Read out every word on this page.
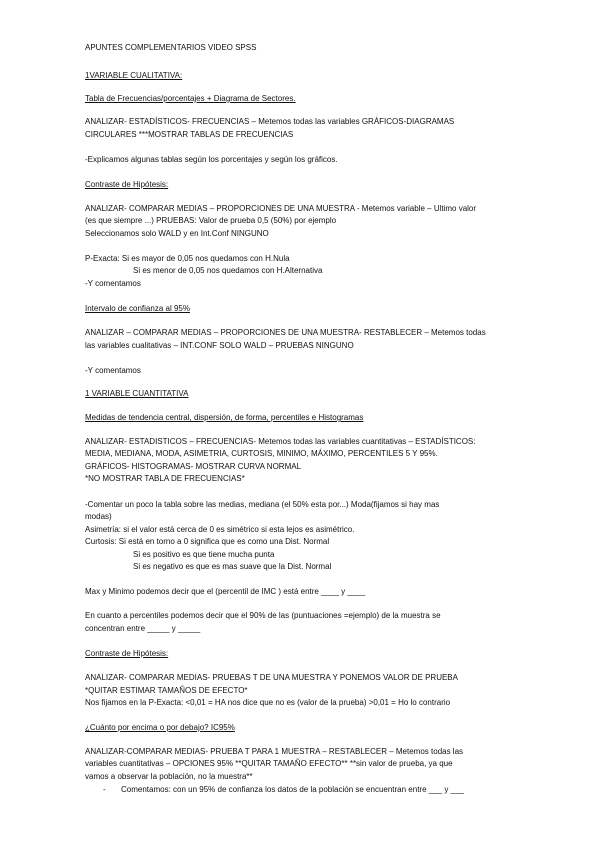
APUNTES COMPLEMENTARIOS VIDEO SPSS
1VARIABLE CUALITATIVA:
Tabla de Frecuencias/porcentajes + Diagrama de Sectores.
ANALIZAR- ESTADÍSTICOS- FRECUENCIAS – Metemos todas las variables GRÁFICOS-DIAGRAMAS
CIRCULARES ***MOSTRAR TABLAS DE FRECUENCIAS
-Explicamos algunas tablas según los porcentajes y según los gráficos.
Contraste de Hipótesis:
ANALIZAR- COMPARAR MEDIAS – PROPORCIONES DE UNA MUESTRA - Metemos variable – Ultimo valor
(es que siempre ...) PRUEBAS: Valor de prueba 0,5 (50%) por ejemplo
Seleccionamos solo WALD y en Int.Conf NINGUNO
P-Exacta: Si es mayor de 0,05 nos quedamos con H.Nula
Si es menor de 0,05 nos quedamos con H.Alternativa
-Y comentamos
Intervalo de confianza al 95%
ANALIZAR – COMPARAR MEDIAS – PROPORCIONES DE UNA MUESTRA- RESTABLECER – Metemos todas
las variables cualitativas – INT.CONF SOLO WALD – PRUEBAS NINGUNO
-Y comentamos
1 VARIABLE CUANTITATIVA
Medidas de tendencia central, dispersión, de forma, percentiles e Histogramas
ANALIZAR- ESTADISTICOS – FRECUENCIAS- Metemos todas las variables cuantitativas – ESTADÍSTICOS:
MEDIA, MEDIANA, MODA, ASIMETRIA, CURTOSIS, MINIMO, MÁXIMO, PERCENTILES 5 Y 95%.
GRÁFICOS- HISTOGRAMAS- MOSTRAR CURVA NORMAL
*NO MOSTRAR TABLA DE FRECUENCIAS*
-Comentar un poco la tabla sobre las medias, mediana (el 50% esta por...) Moda(fijamos si hay mas
modas)
Asimetría: si el valor está cerca de 0 es simétrico si esta lejos es asimétrico.
Curtosis: Si está en torno a 0 significa que es como una Dist. Normal
Si es positivo es que tiene mucha punta
Si es negativo es que es mas suave que la Dist. Normal
Max y Minimo podemos decir que el (percentil de IMC ) está entre ____ y ____
En cuanto a percentiles podemos decir que el 90% de las (puntuaciones =ejemplo) de la muestra se
concentran entre _____ y _____
Contraste de Hipótesis:
ANALIZAR- COMPARAR MEDIAS- PRUEBAS T DE UNA MUESTRA Y PONEMOS VALOR DE PRUEBA
*QUITAR ESTIMAR TAMAÑOS DE EFECTO*
Nos fijamos en la P-Exacta: <0,01 = HA nos dice que no es (valor de la prueba) >0,01 = Ho lo contrario
¿Cuánto por encima o por debajo? IC95%
ANALIZAR-COMPARAR MEDIAS- PRUEBA T PARA 1 MUESTRA – RESTABLECER – Metemos todas las
variables cuantitativas – OPCIONES 95% **QUITAR TAMAÑO EFECTO** **sin valor de prueba, ya que
vamos a observar la población, no la muestra**
- Comentamos: con un 95% de confianza los datos de la población se encuentran entre ___ y ___
